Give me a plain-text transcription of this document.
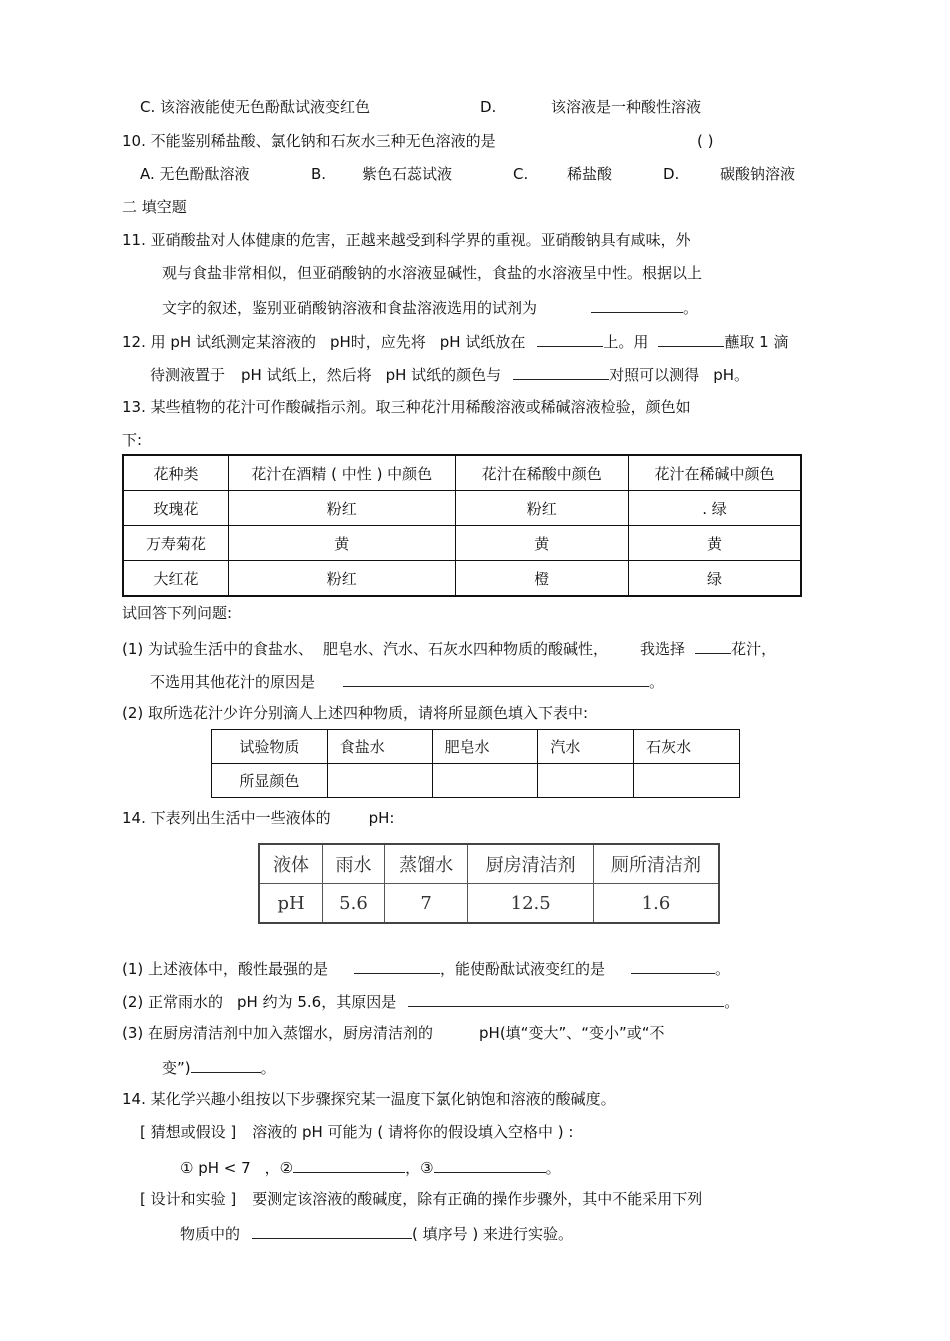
C. 该溶液能使无色酚酞试液变红色	D.	该溶液是一种酸性溶液
10. 不能鉴别稀盐酸、氯化钠和石灰水三种无色溶液的是	( )
A. 无色酚酞溶液	B. 紫色石蕊试液	C.	稀盐酸	D.	碳酸钠溶液
二 填空题
11. 亚硝酸盐对人体健康的危害，正越来越受到科学界的重视。亚硝酸钠具有咸味，外
观与食盐非常相似，但亚硝酸钠的水溶液显碱性，食盐的水溶液呈中性。根据以上
文字的叙述，鉴别亚硝酸钠溶液和食盐溶液选用的试剂为	。
12. 用 pH 试纸测定某溶液的 pH时，应先将 pH 试纸放在	上。用	蘸取 1 滴
待测液置于 pH 试纸上，然后将 pH 试纸的颜色与	对照可以测得 pH。
13. 某些植物的花汁可作酸碱指示剂。取三种花汁用稀酸溶液或稀碱溶液检验，颜色如
下:
花种类	花汁在酒精 ( 中性 ) 中颜色	花汁在稀酸中颜色	花汁在稀碱中颜色
玫瑰花	粉红	粉红	. 绿
万寿菊花	黄	黄	黄
大红花	粉红	橙	绿
试回答下列问题:
(1) 为试验生活中的食盐水、 肥皂水、汽水、石灰水四种物质的酸碱性， 我选择	花汁，
不选用其他花汁的原因是	。
(2) 取所选花汁少许分别滴人上述四种物质，请将所显颜色填入下表中:
试验物质	食盐水	肥皂水	汽水	石灰水
所显颜色				
14. 下表列出生活中一些液体的	pH:
液体	雨水	蒸馏水	厨房清洁剂	厕所清洁剂
pH	5.6	7	12.5	1.6
(1) 上述液体中，酸性最强的是	，能使酚酞试液变红的是	。
(2) 正常雨水的 pH 约为 5.6，其原因是	。
(3) 在厨房清洁剂中加入蒸馏水，厨房清洁剂的	pH(填“变大”、“变小”或“不
变”)	。
14. 某化学兴趣小组按以下步骤探究某一温度下氯化钠饱和溶液的酸碱度。
[ 猜想或假设 ] 溶液的 pH 可能为 ( 请将你的假设填入空格中 ) :
① pH < 7 ，②	，③	。
[ 设计和实验 ] 要测定该溶液的酸碱度，除有正确的操作步骤外，其中不能采用下列
物质中的	( 填序号 ) 来进行实验。
